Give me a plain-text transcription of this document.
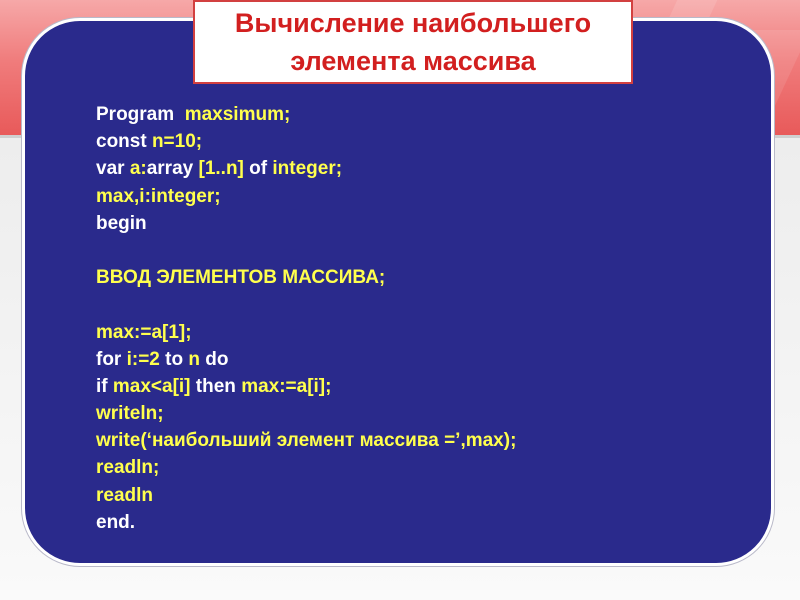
Вычисление наибольшего
элемента массива
Program  maxsimum;
const n=10;
var a:array [1..n] of integer;
max,i:integer;
begin
ВВОД ЭЛЕМЕНТОВ МАССИВА;
max:=a[1];
for i:=2 to n do
if max<a[i] then max:=a[i];
writeln;
write(‘наибольший элемент массива =’,max);
readln;
readln
end.
